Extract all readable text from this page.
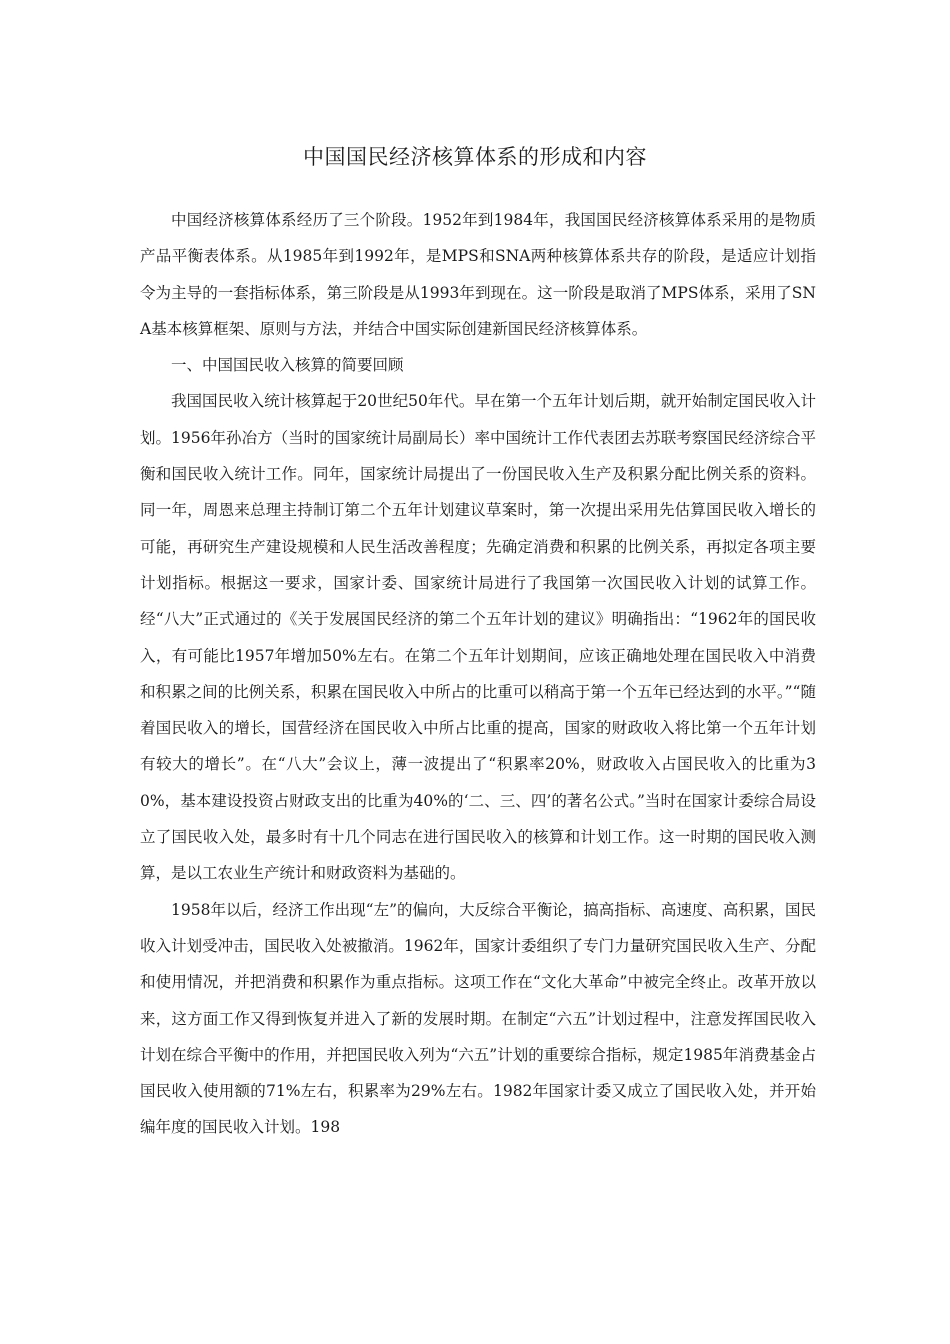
中国国民经济核算体系的形成和内容

中国经济核算体系经历了三个阶段。1952年到1984年，我国国民经济核算体系采用的是物质产品平衡表体系。从1985年到1992年，是MPS和SNA两种核算体系共存的阶段，是适应计划指令为主导的一套指标体系，第三阶段是从1993年到现在。这一阶段是取消了MPS体系，采用了SNA基本核算框架、原则与方法，并结合中国实际创建新国民经济核算体系。

一、中国国民收入核算的简要回顾

我国国民收入统计核算起于20世纪50年代。早在第一个五年计划后期，就开始制定国民收入计划。1956年孙冶方（当时的国家统计局副局长）率中国统计工作代表团去苏联考察国民经济综合平衡和国民收入统计工作。同年，国家统计局提出了一份国民收入生产及积累分配比例关系的资料。同一年，周恩来总理主持制订第二个五年计划建议草案时，第一次提出采用先估算国民收入增长的可能，再研究生产建设规模和人民生活改善程度；先确定消费和积累的比例关系，再拟定各项主要计划指标。根据这一要求，国家计委、国家统计局进行了我国第一次国民收入计划的试算工作。经“八大”正式通过的《关于发展国民经济的第二个五年计划的建议》明确指出：“1962年的国民收入，有可能比1957年增加50%左右。在第二个五年计划期间，应该正确地处理在国民收入中消费和积累之间的比例关系，积累在国民收入中所占的比重可以稍高于第一个五年已经达到的水平。”“随着国民收入的增长，国营经济在国民收入中所占比重的提高，国家的财政收入将比第一个五年计划有较大的增长”。在“八大”会议上，薄一波提出了“积累率20%，财政收入占国民收入的比重为30%，基本建设投资占财政支出的比重为40%的‘二、三、四’的著名公式。”当时在国家计委综合局设立了国民收入处，最多时有十几个同志在进行国民收入的核算和计划工作。这一时期的国民收入测算，是以工农业生产统计和财政资料为基础的。

1958年以后，经济工作出现“左”的偏向，大反综合平衡论，搞高指标、高速度、高积累，国民收入计划受冲击，国民收入处被撤消。1962年，国家计委组织了专门力量研究国民收入生产、分配和使用情况，并把消费和积累作为重点指标。这项工作在“文化大革命”中被完全终止。改革开放以来，这方面工作又得到恢复并进入了新的发展时期。在制定“六五”计划过程中，注意发挥国民收入计划在综合平衡中的作用，并把国民收入列为“六五”计划的重要综合指标，规定1985年消费基金占国民收入使用额的71%左右，积累率为29%左右。1982年国家计委又成立了国民收入处，并开始编年度的国民收入计划。198
